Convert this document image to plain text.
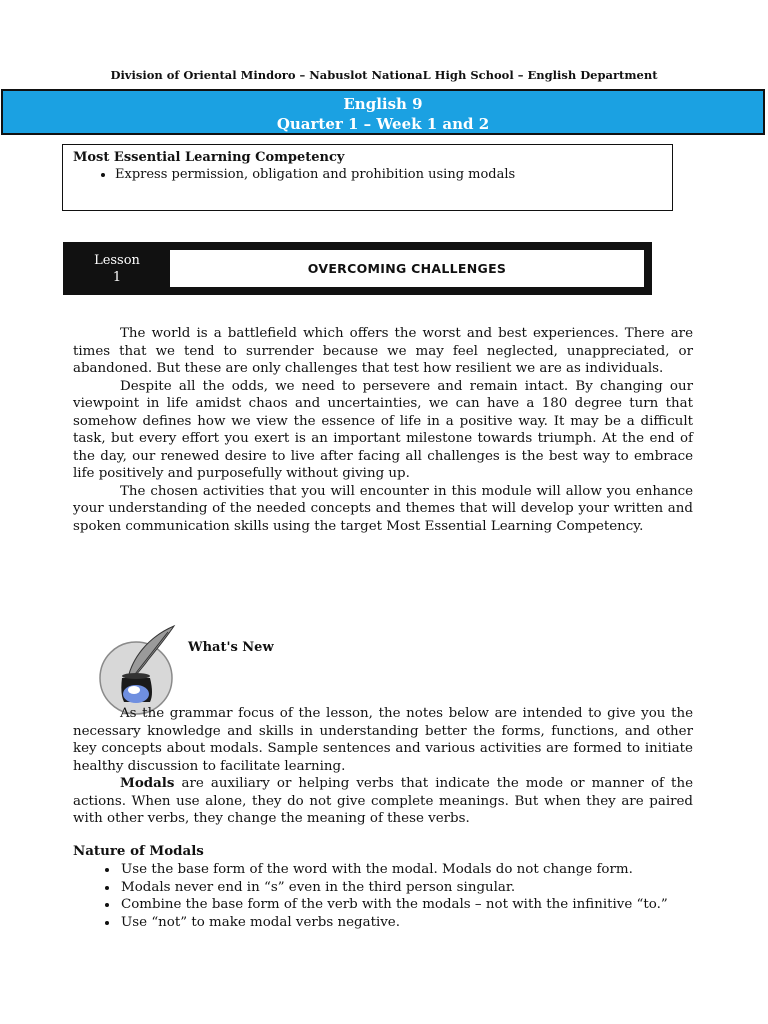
Division of Oriental Mindoro – Nabuslot NationaL High School – English Department
English 9
Quarter 1 – Week 1 and 2
Most Essential Learning Competency
• Express permission, obligation and prohibition using modals
Lesson
1
OVERCOMING CHALLENGES

The world is a battlefield which offers the worst and best experiences. There are times that we tend to surrender because we may feel neglected, unappreciated, or abandoned. But these are only challenges that test how resilient we are as individuals.

Despite all the odds, we need to persevere and remain intact. By changing our viewpoint in life amidst chaos and uncertainties, we can have a 180 degree turn that somehow defines how we view the essence of life in a positive way. It may be a difficult task, but every effort you exert is an important milestone towards triumph. At the end of the day, our renewed desire to live after facing all challenges is the best way to embrace life positively and purposefully without giving up.

The chosen activities that you will encounter in this module will allow you enhance your understanding of the needed concepts and themes that will develop your written and spoken communication skills using the target Most Essential Learning Competency.

What's New

As the grammar focus of the lesson, the notes below are intended to give you the necessary knowledge and skills in understanding better the forms, functions, and other key concepts about modals. Sample sentences and various activities are formed to initiate healthy discussion to facilitate learning.

Modals are auxiliary or helping verbs that indicate the mode or manner of the actions. When use alone, they do not give complete meanings. But when they are paired with other verbs, they change the meaning of these verbs.

Nature of Modals
• Use the base form of the word with the modal. Modals do not change form.
• Modals never end in “s” even in the third person singular.
• Combine the base form of the verb with the modals – not with the infinitive “to.”
• Use “not” to make modal verbs negative.
